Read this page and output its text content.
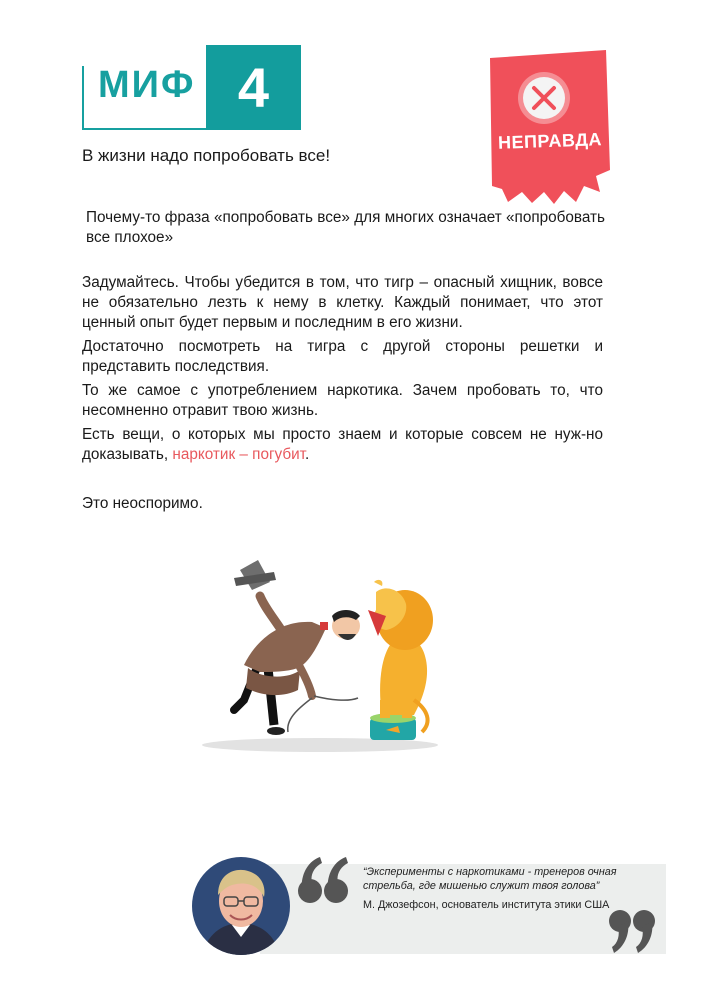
МИФ 4
В жизни надо попробовать все!
НЕПРАВДА
Почему-то фраза «попробовать все» для многих означает «попробовать все плохое»
Задумайтесь. Чтобы убедится в том, что тигр – опасный хищник, вовсе не обязательно лезть к нему в клетку. Каждый понимает, что этот ценный опыт будет первым и последним в его жизни.
Достаточно посмотреть на тигра с другой стороны решетки и представить последствия.
То же самое с употреблением наркотика. Зачем пробовать то, что несомненно отравит твою жизнь.
Есть вещи, о которых мы просто знаем и которые совсем не нуж-но доказывать, наркотик – погубит.
Это неоспоримо.
“Эксперименты с наркотиками - тренеров очная стрельба, где мишенью служит твоя голова”
М. Джозефсон, основатель института этики США
